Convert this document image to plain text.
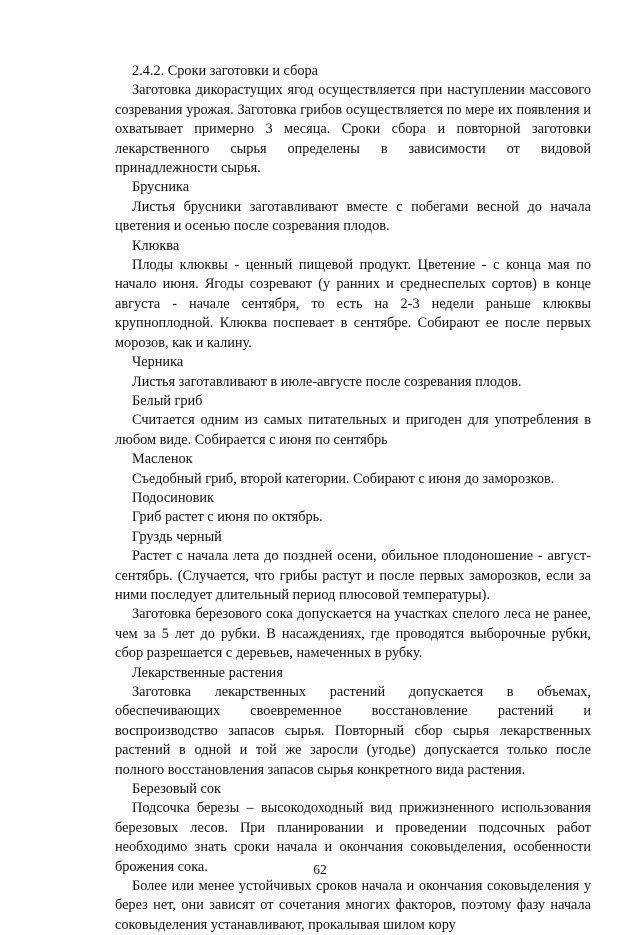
2.4.2. Сроки заготовки и сбора

Заготовка дикорастущих ягод осуществляется при наступлении массового созревания урожая. Заготовка грибов осуществляется по мере их появления и охватывает примерно 3 месяца. Сроки сбора и повторной заготовки лекарственного сырья определены в зависимости от видовой принадлежности сырья.

Брусника

Листья брусники заготавливают вместе с побегами весной до начала цветения и осенью после созревания плодов.

Клюква

Плоды клюквы - ценный пищевой продукт. Цветение - с конца мая по начало июня. Ягоды созревают (у ранних и среднеспелых сортов) в конце августа - начале сентября, то есть на 2-3 недели раньше клюквы крупноплодной. Клюква поспевает в сентябре. Собирают ее после первых морозов, как и калину.

Черника

Листья заготавливают в июле-августе после созревания плодов.

Белый гриб

Считается одним из самых питательных и пригоден для употребления в любом виде. Собирается с июня по сентябрь

Масленок

Съедобный гриб, второй категории. Собирают с июня до заморозков.

Подосиновик

Гриб растет с июня по октябрь.

Груздь черный

Растет с начала лета до поздней осени, обильное плодоношение - август-сентябрь. (Случается, что грибы растут и после первых заморозков, если за ними последует длительный период плюсовой температуры).

Заготовка березового сока допускается на участках спелого леса не ранее, чем за 5 лет до рубки. В насаждениях, где проводятся выборочные рубки, сбор разрешается с деревьев, намеченных в рубку.

Лекарственные растения

Заготовка лекарственных растений допускается в объемах, обеспечивающих своевременное восстановление растений и воспроизводство запасов сырья. Повторный сбор сырья лекарственных растений в одной и той же заросли (угодье) допускается только после полного восстановления запасов сырья конкретного вида растения.

Березовый сок

Подсочка березы – высокодоходный вид прижизненного использования березовых лесов. При планировании и проведении подсочных работ необходимо знать сроки начала и окончания соковыделения, особенности брожения сока.

Более или менее устойчивых сроков начала и окончания соковыделения у берез нет, они зависят от сочетания многих факторов, поэтому фазу начала соковыделения устанавливают, прокалывая шилом кору

62
